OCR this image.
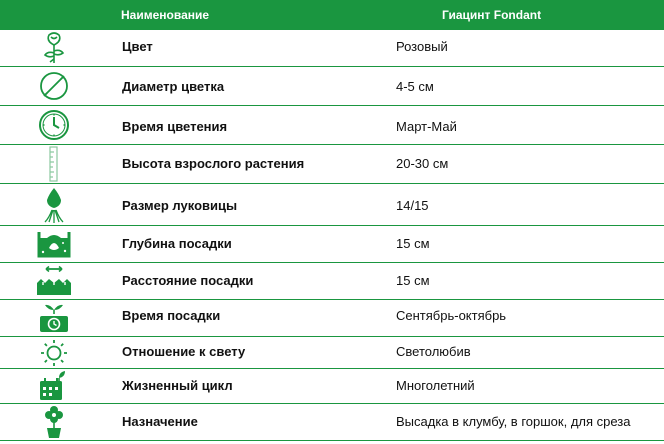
Наименование	Гиацинт Fondant
Цвет	Розовый
Диаметр цветка	4-5 см
Время цветения	Март-Май
Высота взрослого растения	20-30 см
Размер луковицы	14/15
Глубина посадки	15 см
Расстояние посадки	15 см
Время посадки	Сентябрь-октябрь
Отношение к свету	Светолюбив
Жизненный цикл	Многолетний
Назначение	Высадка в клумбу, в горшок, для среза
